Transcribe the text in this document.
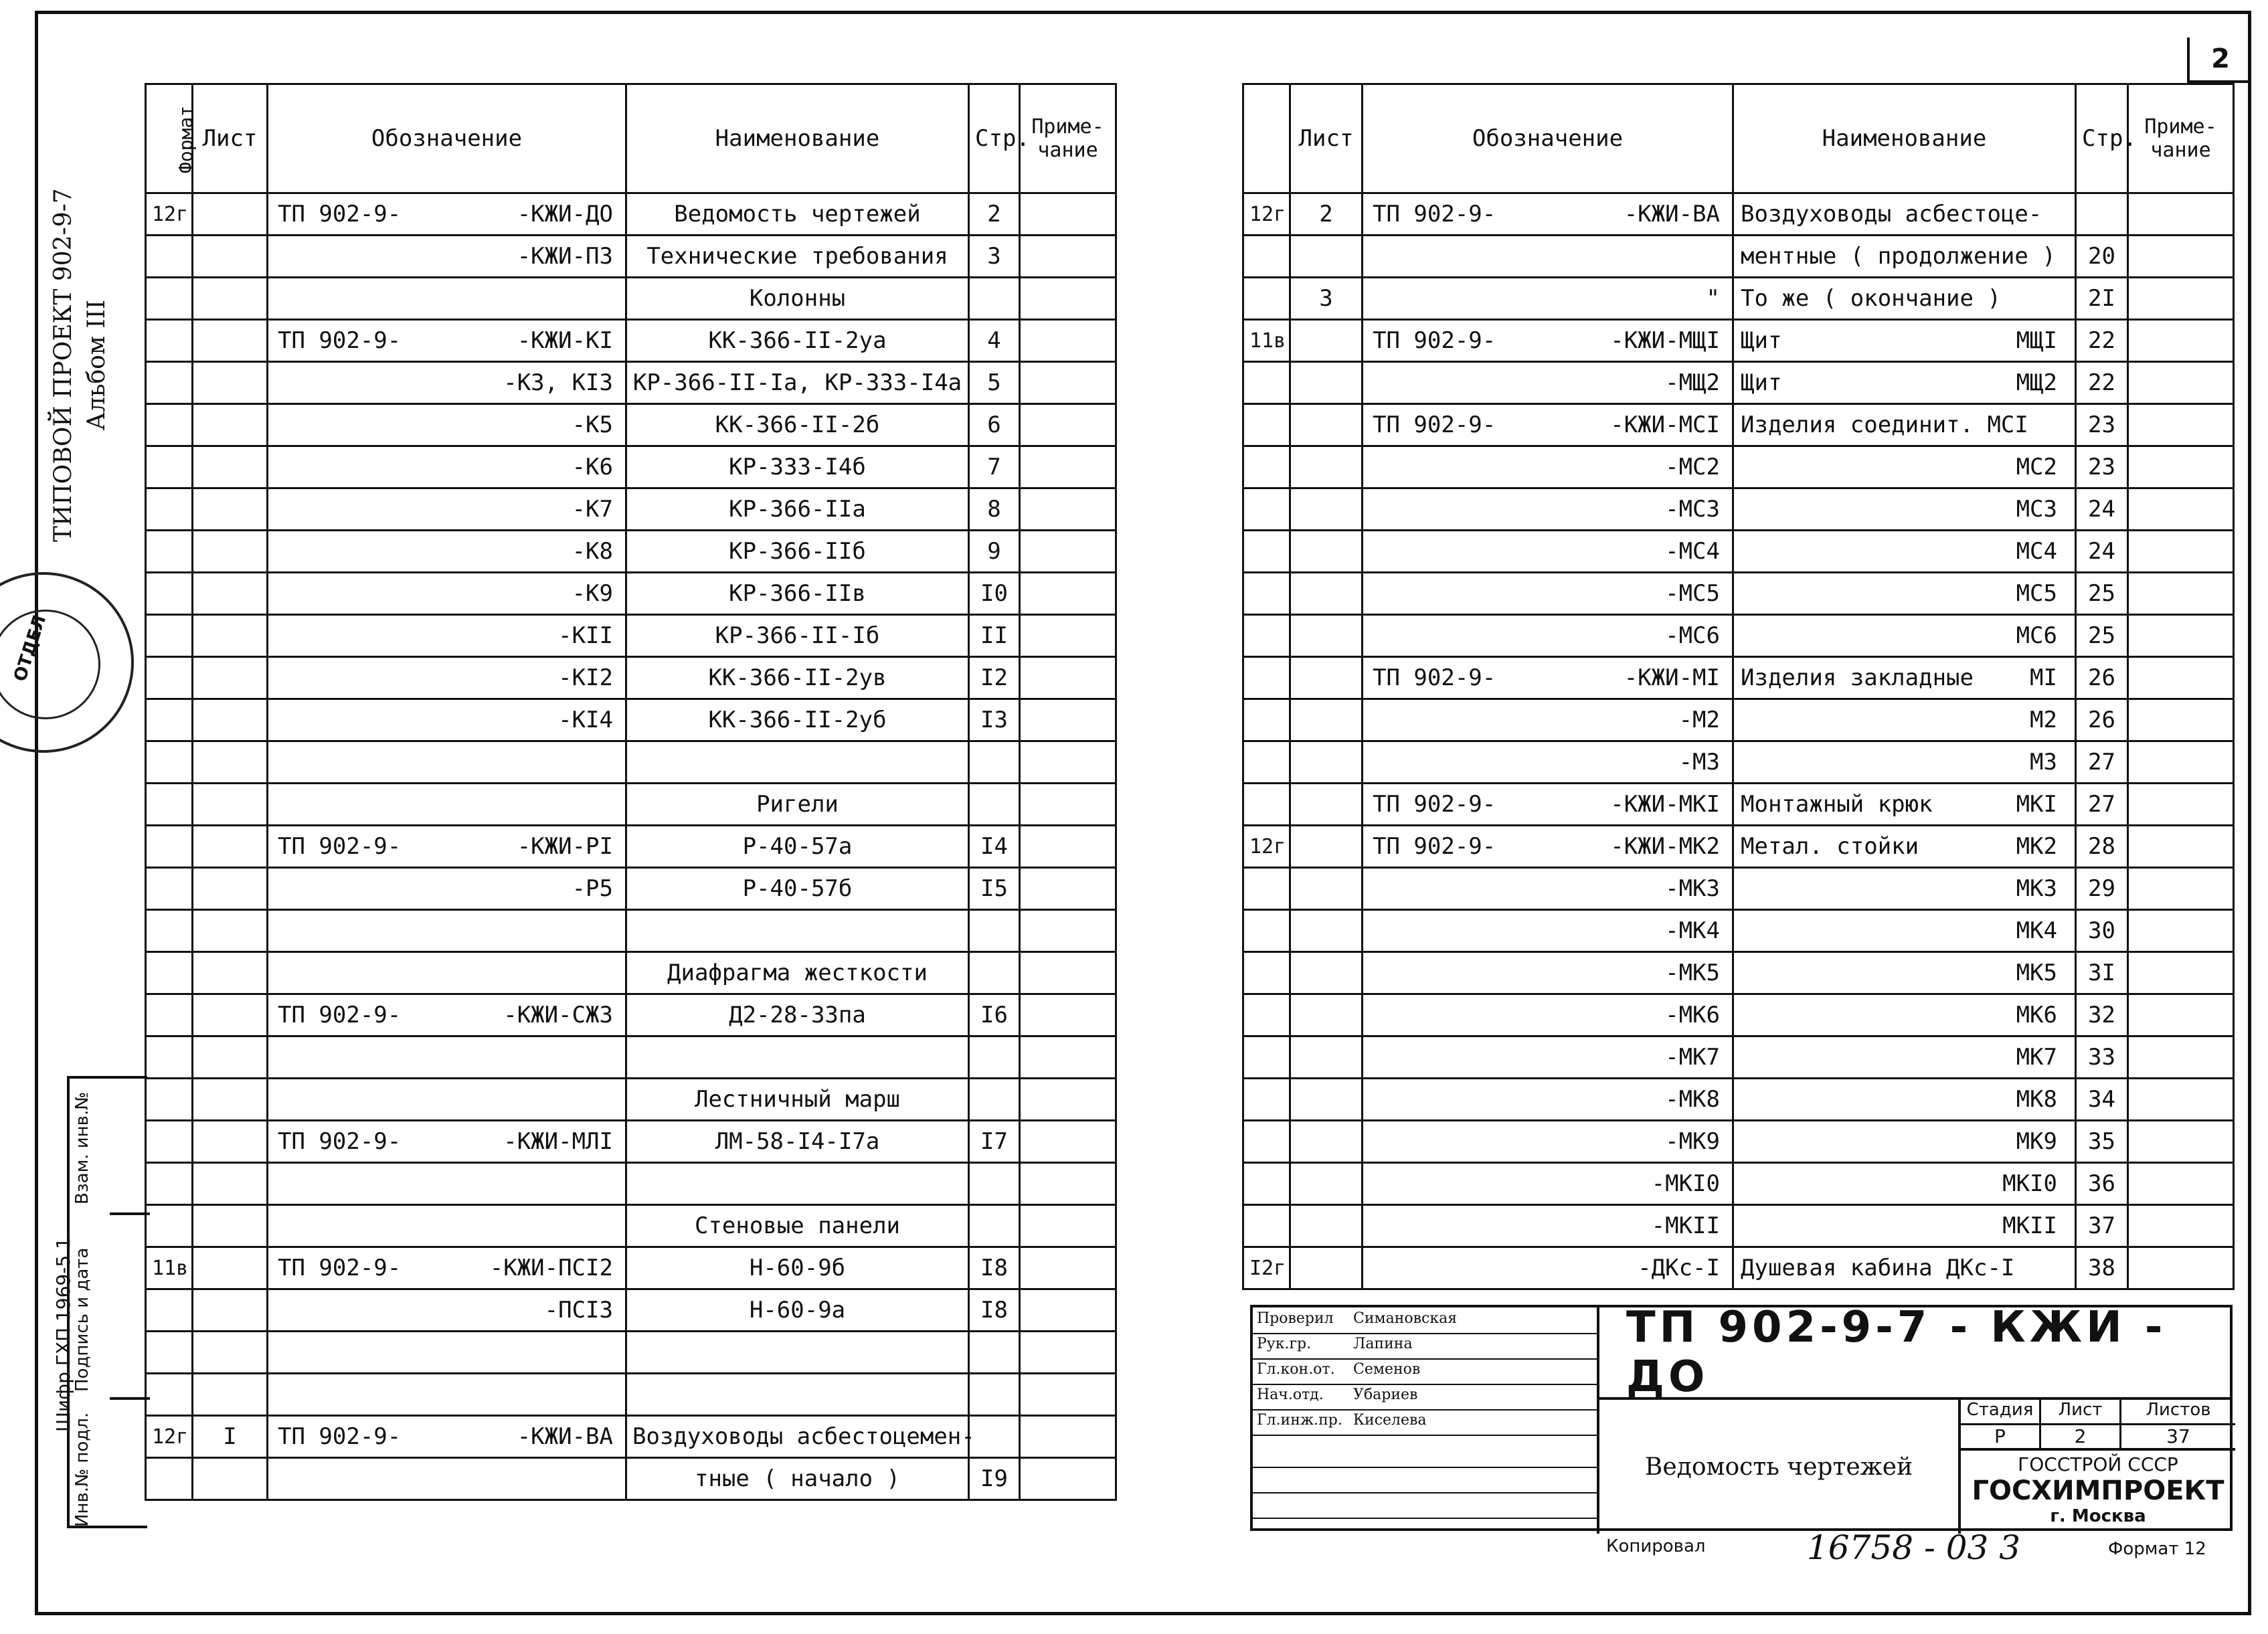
2
ТИПОВОЙ ПРОЕКТ 902-9-7 Альбом III
ОТДЕЛ
Взам. инв.№
Подпись и дата
Инв.№ подл.
Шифр ГХП 1969-5.1
Формат	Лист	Обозначение	Наименование	Стр.	Приме-чание
12г		ТП 902-9- -КЖИ-ДО	Ведомость чертежей	2	

		-КЖИ-ПЗ	Технические требования	3	

			Колонны		

		ТП 902-9- -КЖИ-КI	КК-366-II-2уа	4	

		-К3, КI3	КР-366-II-Iа, КР-333-I4а	5	

		-К5	КК-366-II-2б	6	

		-К6	КР-333-I4б	7	

		-К7	КР-366-IIа	8	

		-К8	КР-366-IIб	9	

		-К9	КР-366-IIв	I0	

		-КII	КР-366-II-Iб	II	

		-КI2	КК-366-II-2ув	I2	

		-КI4	КК-366-II-2уб	I3	

			Ригели		

		ТП 902-9- -КЖИ-РI	Р-40-57а	I4	

		-Р5	Р-40-57б	I5	

			Диафрагма жесткости		

		ТП 902-9- -КЖИ-СЖ3	Д2-28-33па	I6	

			Лестничный марш		

		ТП 902-9- -КЖИ-МЛI	ЛМ-58-I4-I7а	I7	

			Стеновые панели		

11в		ТП 902-9- -КЖИ-ПСI2	Н-60-9б	I8	

		-ПСI3	Н-60-9а	I8	

12г	I	ТП 902-9- -КЖИ-ВА	Воздуховоды асбестоцемен-		

			тные ( начало )	I9	
	Лист	Обозначение	Наименование	Стр.	Приме-чание
12г	2	ТП 902-9- -КЖИ-ВА	Воздуховоды асбестоце-		

			ментные ( продолжение )	20	
	3	"	То же ( окончание )	2I	
11в		ТП 902-9- -КЖИ-МЩI	Щит МЩI	22	

		-МЩ2	Щит МЩ2	22	

		ТП 902-9- -КЖИ-МСI	Изделия соединит. МСI	23	

		-МС2	МС2	23	

		-МС3	МС3	24	

		-МС4	МС4	24	

		-МС5	МС5	25	

		-МС6	МС6	25	

		ТП 902-9- -КЖИ-МI	Изделия закладные МI	26	

		-М2	М2	26	

		-М3	М3	27	

		ТП 902-9- -КЖИ-МКI	Монтажный крюк МКI	27	
12г		ТП 902-9- -КЖИ-МК2	Метал. стойки МК2	28	

		-МК3	МК3	29	

		-МК4	МК4	30	

		-МК5	МК5	3I	

		-МК6	МК6	32	

		-МК7	МК7	33	

		-МК8	МК8	34	

		-МК9	МК9	35	

		-МКI0	МКI0	36	

		-МКII	МКII	37	
I2г		-ДКс-I	Душевая кабина ДКс-I	38	
Проверил Симановская
Рук.гр.	Лапина
Гл.кон.от. Семенов
Нач.отд. Убариев
Гл.инж.пр. Киселева
ТП 902-9-7 - КЖИ - ДО
Ведомость чертежей
Стадия	Лист	Листов
Р	2	37
ГОССТРОЙ СССР
ГОСХИМПРОЕКТ
г. Москва
Копировал	16758 - 03 3	Формат 12
